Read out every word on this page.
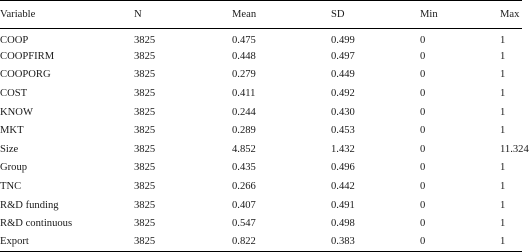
Variable	N	Mean	SD	Min	Max
COOP	3825	0.475	0.499	0	1
COOPFIRM	3825	0.448	0.497	0	1
COOPORG	3825	0.279	0.449	0	1
COST	3825	0.411	0.492	0	1
KNOW	3825	0.244	0.430	0	1
MKT	3825	0.289	0.453	0	1
Size	3825	4.852	1.432	0	11.324
Group	3825	0.435	0.496	0	1
TNC	3825	0.266	0.442	0	1
R&D funding	3825	0.407	0.491	0	1
R&D continuous	3825	0.547	0.498	0	1
Export	3825	0.822	0.383	0	1
